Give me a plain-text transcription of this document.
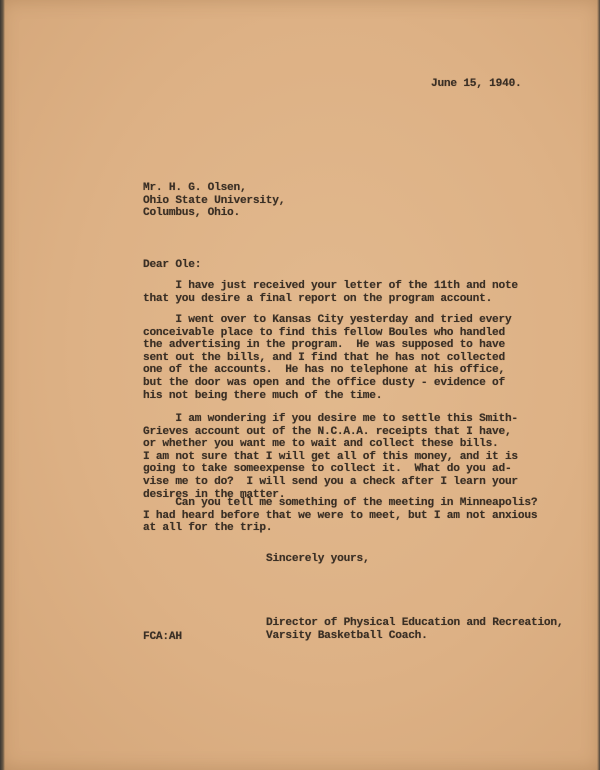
June 15, 1940.
Mr. H. G. Olsen,
Ohio State University,
Columbus, Ohio.
Dear Ole:
I have just received your letter of the 11th and note
that you desire a final report on the program account.
I went over to Kansas City yesterday and tried every
conceivable place to find this fellow Boules who handled
the advertising in the program.  He was supposed to have
sent out the bills, and I find that he has not collected
one of the accounts.  He has no telephone at his office,
but the door was open and the office dusty - evidence of
his not being there much of the time.
I am wondering if you desire me to settle this Smith-
Grieves account out of the N.C.A.A. receipts that I have,
or whether you want me to wait and collect these bills.
I am not sure that I will get all of this money, and it is
going to take someexpense to collect it.  What do you ad-
vise me to do?  I will send you a check after I learn your
desires in the matter.
Can you tell me something of the meeting in Minneapolis?
I had heard before that we were to meet, but I am not anxious
at all for the trip.
Sincerely yours,
Director of Physical Education and Recreation,
Varsity Basketball Coach.
FCA:AH
